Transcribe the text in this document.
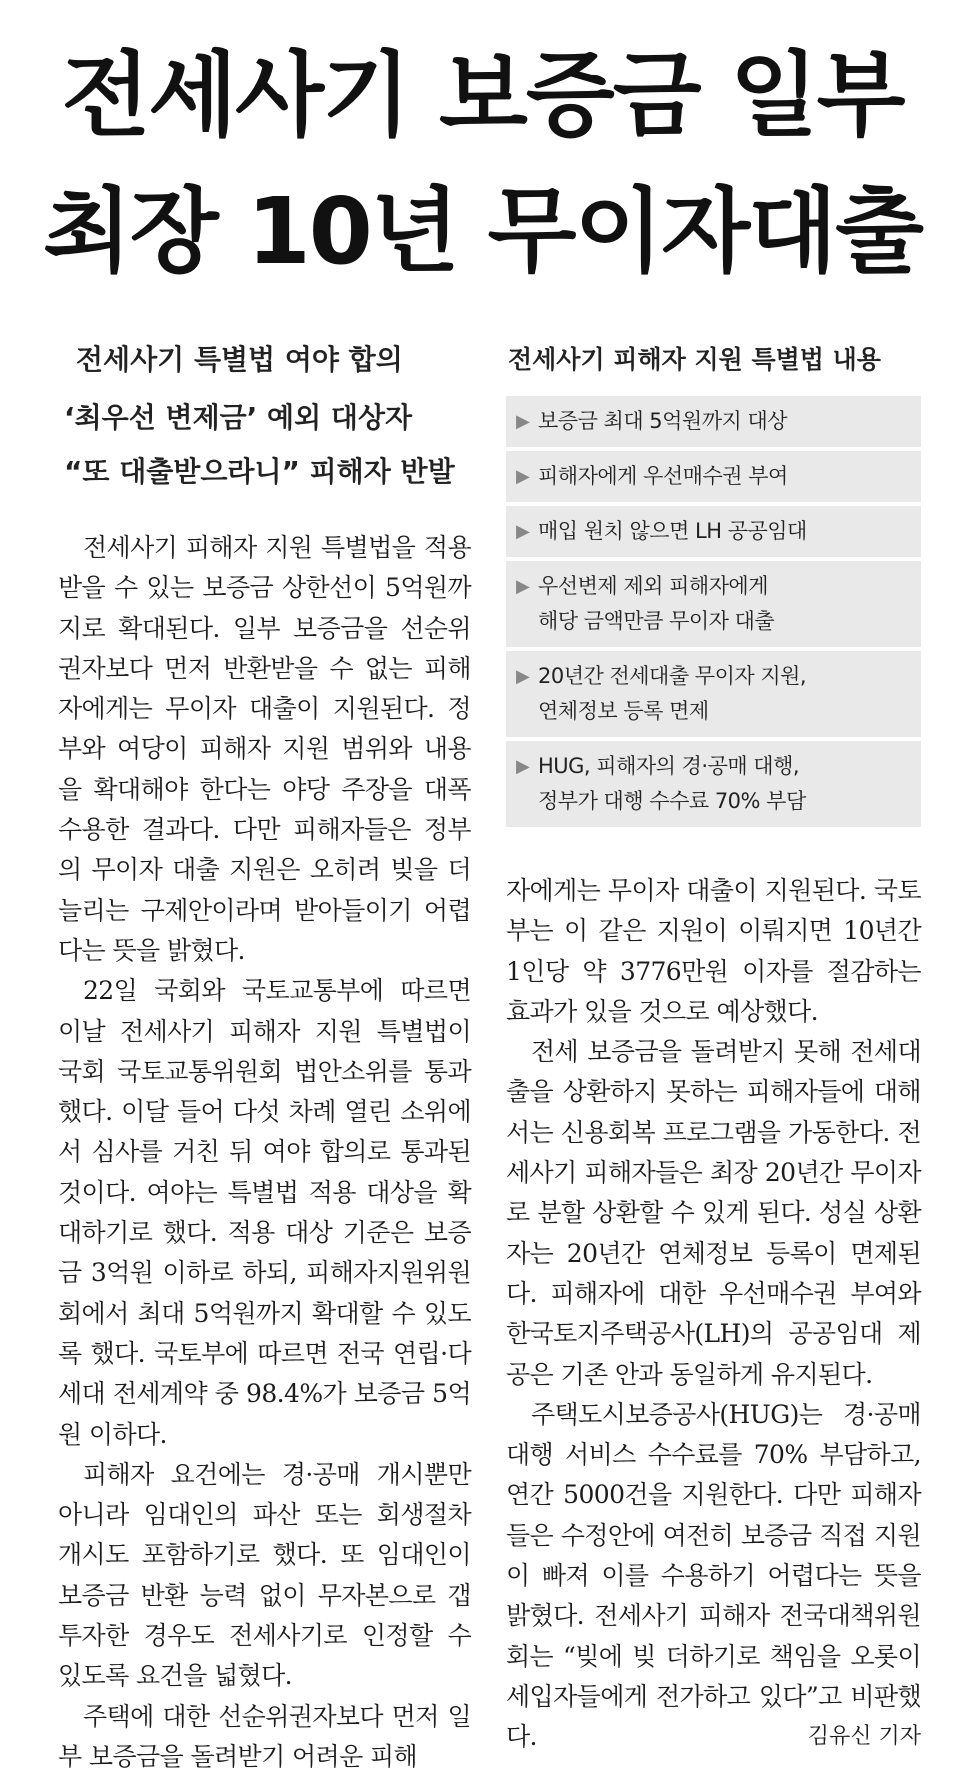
전세사기 보증금 일부
최장 10년 무이자대출
전세사기 특별법 여야 합의
‘최우선 변제금’ 예외 대상자
“또 대출받으라니” 피해자 반발

전세사기 피해자 지원 특별법을 적용받을 수 있는 보증금 상한선이 5억원까지로 확대된다. 일부 보증금을 선순위권자보다 먼저 반환받을 수 없는 피해자에게는 무이자 대출이 지원된다. 정부와 여당이 피해자 지원 범위와 내용을 확대해야 한다는 야당 주장을 대폭 수용한 결과다. 다만 피해자들은 정부의 무이자 대출 지원은 오히려 빚을 더 늘리는 구제안이라며 받아들이기 어렵다는 뜻을 밝혔다.

22일 국회와 국토교통부에 따르면 이날 전세사기 피해자 지원 특별법이 국회 국토교통위원회 법안소위를 통과했다. 이달 들어 다섯 차례 열린 소위에서 심사를 거친 뒤 여야 합의로 통과된 것이다. 여야는 특별법 적용 대상을 확대하기로 했다. 적용 대상 기준은 보증금 3억원 이하로 하되, 피해자지원위원회에서 최대 5억원까지 확대할 수 있도록 했다. 국토부에 따르면 전국 연립·다세대 전세계약 중 98.4%가 보증금 5억원 이하다.

피해자 요건에는 경·공매 개시뿐만 아니라 임대인의 파산 또는 회생절차 개시도 포함하기로 했다. 또 임대인이 보증금 반환 능력 없이 무자본으로 갭투자한 경우도 전세사기로 인정할 수 있도록 요건을 넓혔다.

주택에 대한 선순위권자보다 먼저 일부 보증금을 돌려받기 어려운 피해

전세사기 피해자 지원 특별법 내용
▶ 보증금 최대 5억원까지 대상
▶ 피해자에게 우선매수권 부여
▶ 매입 원치 않으면 LH 공공임대
▶ 우선변제 제외 피해자에게
해당 금액만큼 무이자 대출
▶ 20년간 전세대출 무이자 지원,
연체정보 등록 면제
▶ HUG, 피해자의 경·공매 대행,
정부가 대행 수수료 70% 부담

자에게는 무이자 대출이 지원된다. 국토부는 이 같은 지원이 이뤄지면 10년간 1인당 약 3776만원 이자를 절감하는 효과가 있을 것으로 예상했다.

전세 보증금을 돌려받지 못해 전세대출을 상환하지 못하는 피해자들에 대해서는 신용회복 프로그램을 가동한다. 전세사기 피해자들은 최장 20년간 무이자로 분할 상환할 수 있게 된다. 성실 상환자는 20년간 연체정보 등록이 면제된다. 피해자에 대한 우선매수권 부여와 한국토지주택공사(LH)의 공공임대 제공은 기존 안과 동일하게 유지된다.

주택도시보증공사(HUG)는 경·공매 대행 서비스 수수료를 70% 부담하고, 연간 5000건을 지원한다. 다만 피해자들은 수정안에 여전히 보증금 직접 지원이 빠져 이를 수용하기 어렵다는 뜻을 밝혔다. 전세사기 피해자 전국대책위원회는 “빚에 빚 더하기로 책임을 오롯이 세입자들에게 전가하고 있다”고 비판했다.	김유신 기자
